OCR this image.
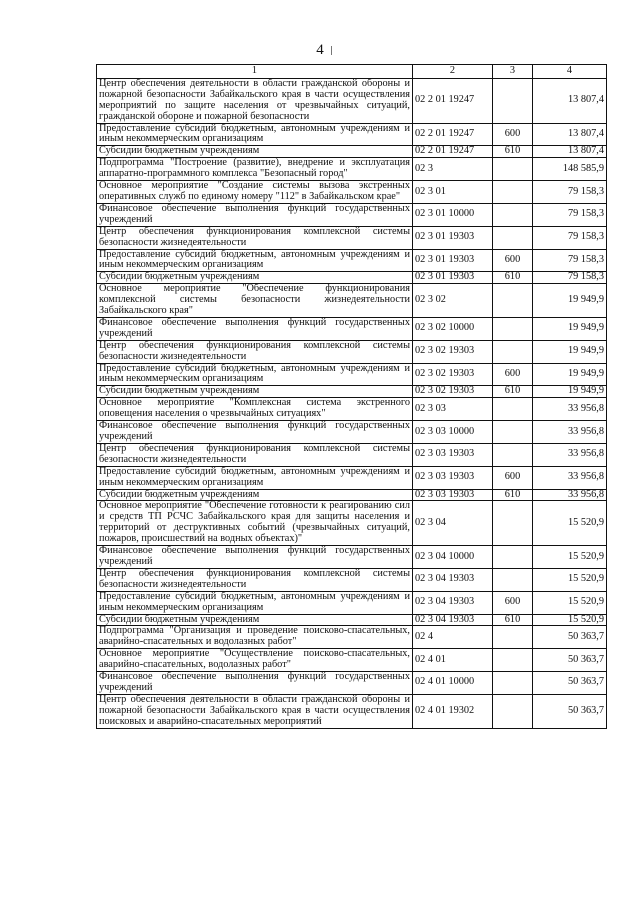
4
1	2	3	4
Центр обеспечения деятельности в области гражданской обороны и пожарной безопасности Забайкальского края в части осуществления мероприятий по защите населения от чрезвычайных ситуаций, гражданской обороне и пожарной безопасности	02 2 01 19247		13 807,4
Предоставление субсидий бюджетным, автономным учреждениям и иным некоммерческим организациям	02 2 01 19247	600	13 807,4
Субсидии бюджетным учреждениям	02 2 01 19247	610	13 807,4
Подпрограмма "Построение (развитие), внедрение и эксплуатация аппаратно-программного комплекса "Безопасный город"	02 3		148 585,9
Основное мероприятие "Создание системы вызова экстренных оперативных служб по единому номеру "112" в Забайкальском крае"	02 3 01		79 158,3
Финансовое обеспечение выполнения функций государственных учреждений	02 3 01 10000		79 158,3
Центр обеспечения функционирования комплексной системы безопасности жизнедеятельности	02 3 01 19303		79 158,3
Предоставление субсидий бюджетным, автономным учреждениям и иным некоммерческим организациям	02 3 01 19303	600	79 158,3
Субсидии бюджетным учреждениям	02 3 01 19303	610	79 158,3
Основное мероприятие "Обеспечение функционирования комплексной системы безопасности жизнедеятельности Забайкальского края"	02 3 02		19 949,9
Финансовое обеспечение выполнения функций государственных учреждений	02 3 02 10000		19 949,9
Центр обеспечения функционирования комплексной системы безопасности жизнедеятельности	02 3 02 19303		19 949,9
Предоставление субсидий бюджетным, автономным учреждениям и иным некоммерческим организациям	02 3 02 19303	600	19 949,9
Субсидии бюджетным учреждениям	02 3 02 19303	610	19 949,9
Основное мероприятие "Комплексная система экстренного оповещения населения о чрезвычайных ситуациях"	02 3 03		33 956,8
Финансовое обеспечение выполнения функций государственных учреждений	02 3 03 10000		33 956,8
Центр обеспечения функционирования комплексной системы безопасности жизнедеятельности	02 3 03 19303		33 956,8
Предоставление субсидий бюджетным, автономным учреждениям и иным некоммерческим организациям	02 3 03 19303	600	33 956,8
Субсидии бюджетным учреждениям	02 3 03 19303	610	33 956,8
Основное мероприятие "Обеспечение готовности к реагированию сил и средств ТП РСЧС Забайкальского края для защиты населения и территорий от деструктивных событий (чрезвычайных ситуаций, пожаров, происшествий на водных объектах)"	02 3 04		15 520,9
Финансовое обеспечение выполнения функций государственных учреждений	02 3 04 10000		15 520,9
Центр обеспечения функционирования комплексной системы безопасности жизнедеятельности	02 3 04 19303		15 520,9
Предоставление субсидий бюджетным, автономным учреждениям и иным некоммерческим организациям	02 3 04 19303	600	15 520,9
Субсидии бюджетным учреждениям	02 3 04 19303	610	15 520,9
Подпрограмма "Организация и проведение поисково-спасательных, аварийно-спасательных и водолазных работ"	02 4		50 363,7
Основное мероприятие "Осуществление поисково-спасательных, аварийно-спасательных, водолазных работ"	02 4 01		50 363,7
Финансовое обеспечение выполнения функций государственных учреждений	02 4 01 10000		50 363,7
Центр обеспечения деятельности в области гражданской обороны и пожарной безопасности Забайкальского края в части осуществления поисковых и аварийно-спасательных мероприятий	02 4 01 19302		50 363,7
